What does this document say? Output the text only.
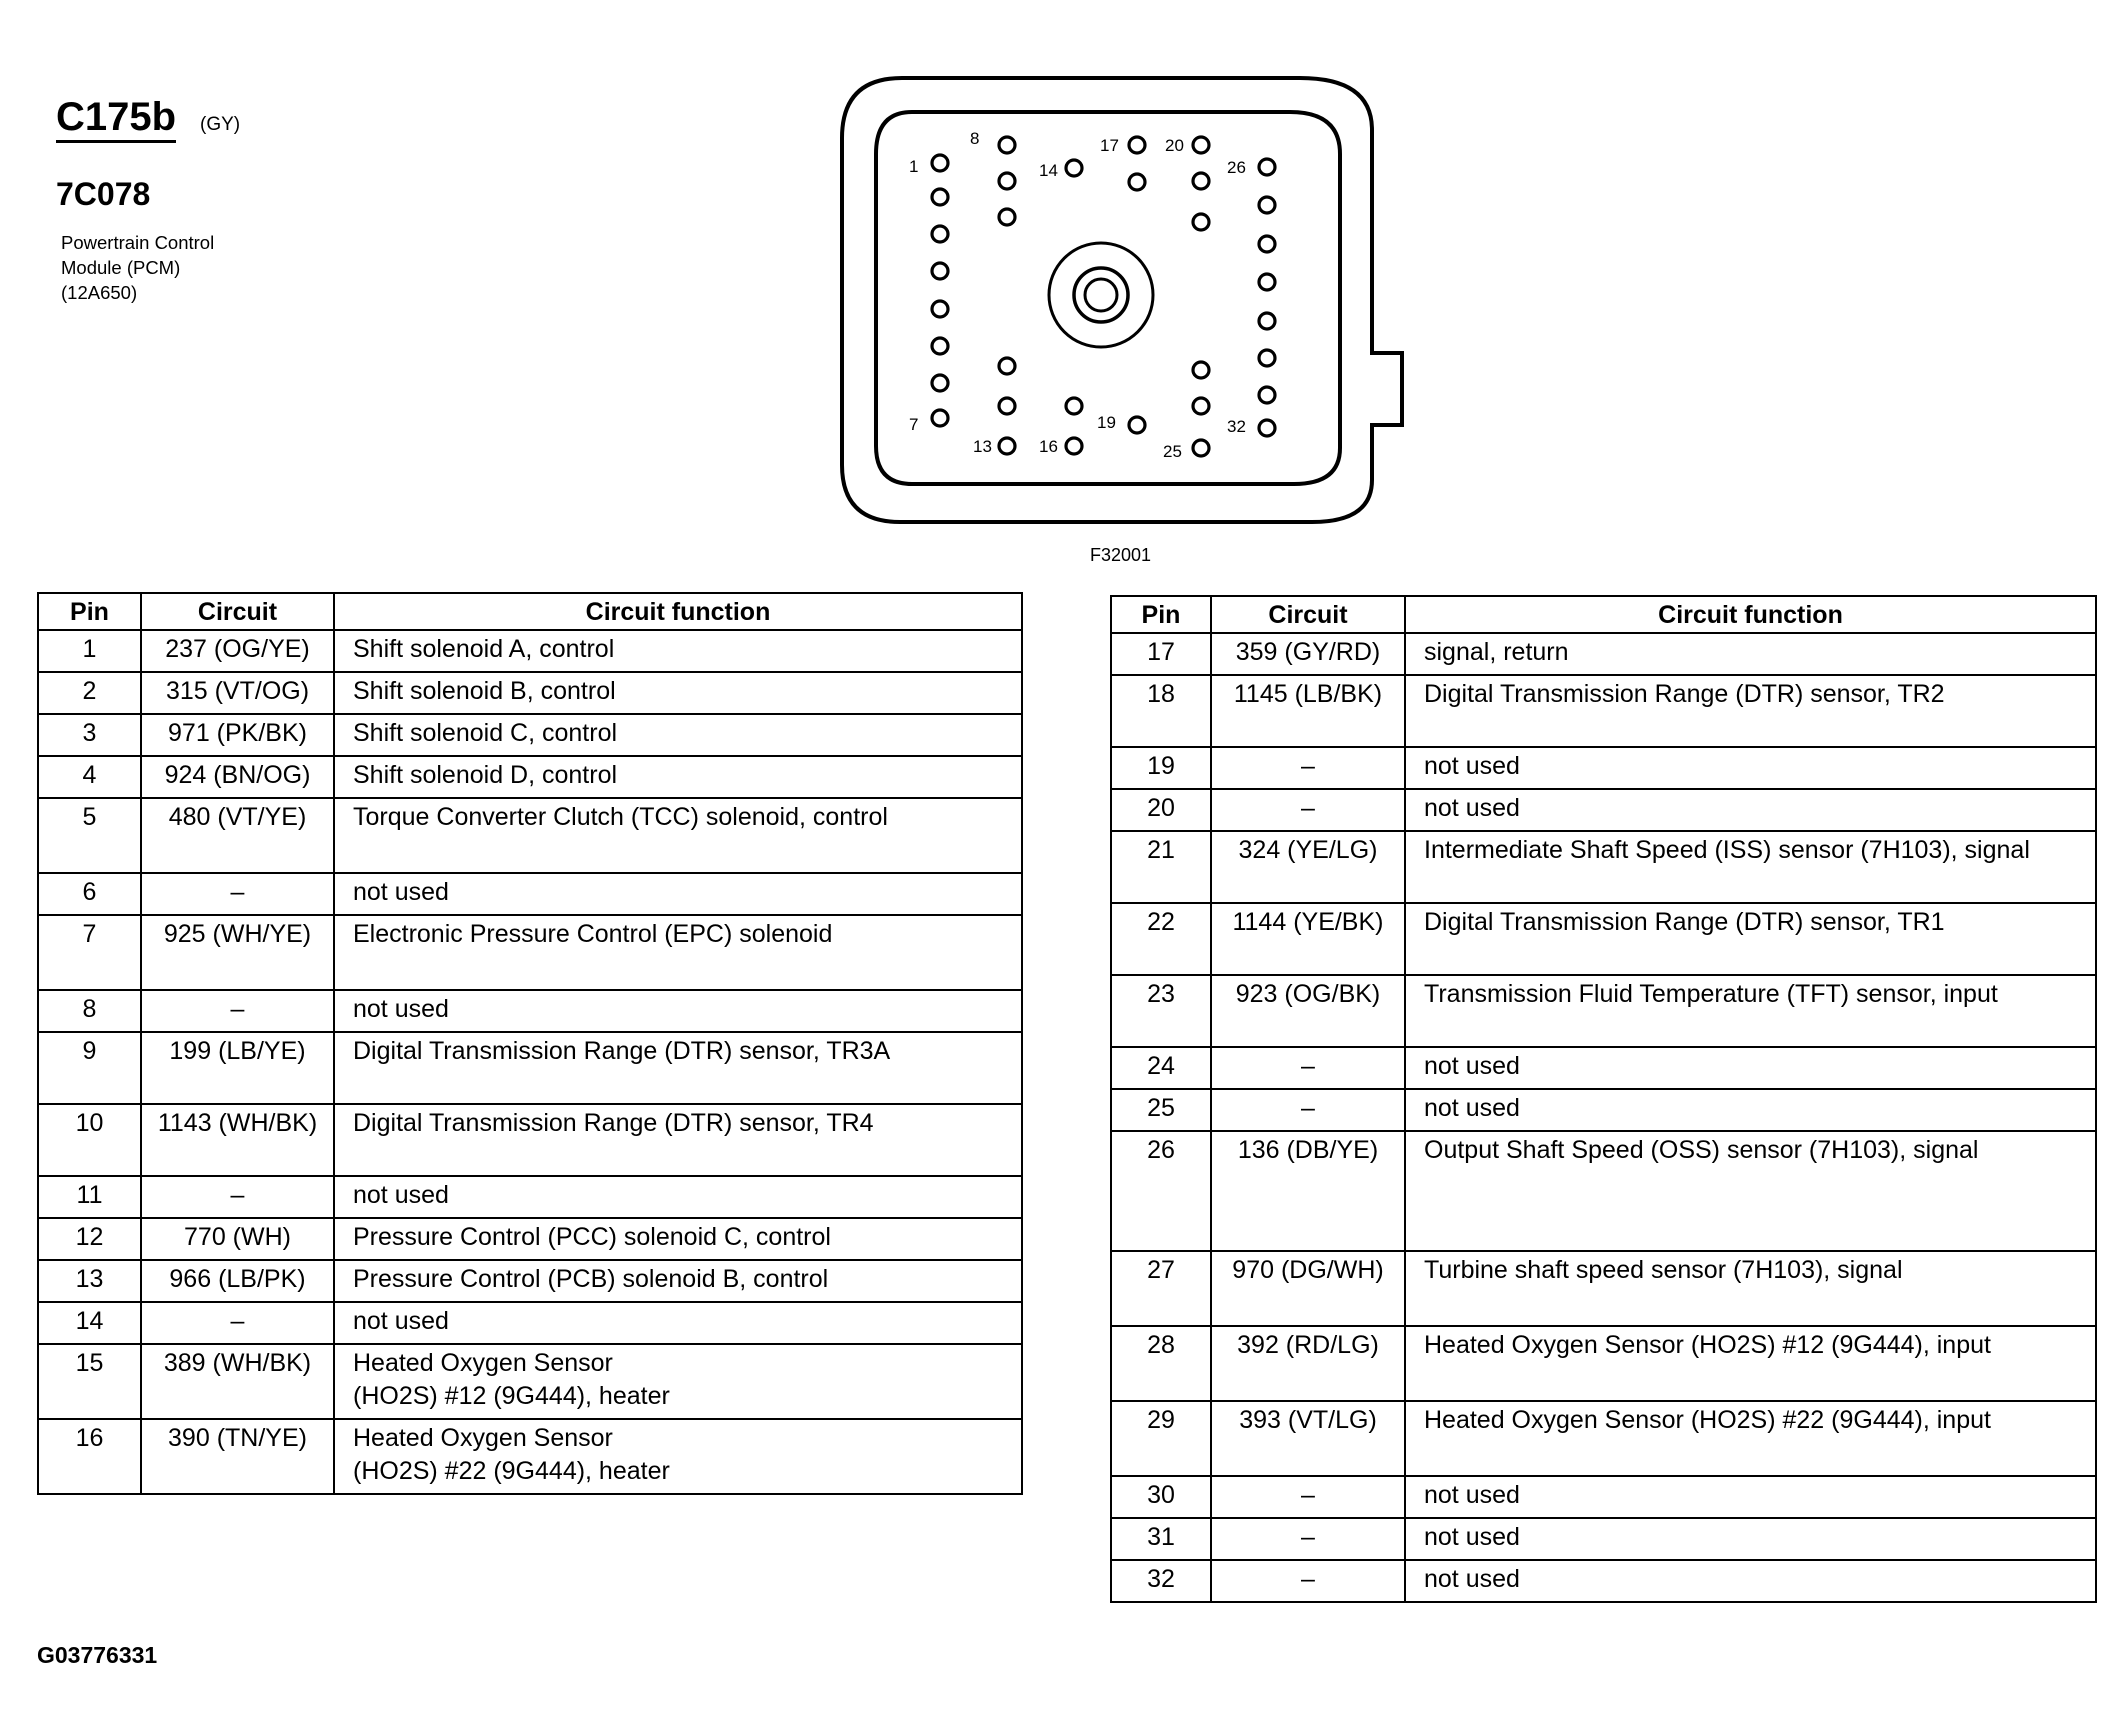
C175b (GY)
7C078
Powertrain Control
Module (PCM)
(12A650)
1
7
8
13
14
16
17
19
20
25
26
32
F32001
Pin	Circuit	Circuit function
1	237 (OG/YE)	Shift solenoid A, control

2	315 (VT/OG)	Shift solenoid B, control

3	971 (PK/BK)	Shift solenoid C, control

4	924 (BN/OG)	Shift solenoid D, control

5	480 (VT/YE)	Torque Converter Clutch (TCC) solenoid, control

6	–	not used

7	925 (WH/YE)	Electronic Pressure Control (EPC) solenoid

8	–	not used

9	199 (LB/YE)	Digital Transmission Range (DTR) sensor, TR3A

10	1143 (WH/BK)	Digital Transmission Range (DTR) sensor, TR4

11	–	not used

12	770 (WH)	Pressure Control (PCC) solenoid C, control

13	966 (LB/PK)	Pressure Control (PCB) solenoid B, control

14	–	not used

15	389 (WH/BK)	Heated Oxygen Sensor
(HO2S) #12 (9G444), heater

16	390 (TN/YE)	Heated Oxygen Sensor
(HO2S) #22 (9G444), heater
Pin	Circuit	Circuit function
17	359 (GY/RD)	signal, return

18	1145 (LB/BK)	Digital Transmission Range (DTR) sensor, TR2

19	–	not used

20	–	not used

21	324 (YE/LG)	Intermediate Shaft Speed (ISS) sensor (7H103), signal

22	1144 (YE/BK)	Digital Transmission Range (DTR) sensor, TR1

23	923 (OG/BK)	Transmission Fluid Temperature (TFT) sensor, input

24	–	not used

25	–	not used

26	136 (DB/YE)	Output Shaft Speed (OSS) sensor (7H103), signal

27	970 (DG/WH)	Turbine shaft speed sensor (7H103), signal

28	392 (RD/LG)	Heated Oxygen Sensor (HO2S) #12 (9G444), input

29	393 (VT/LG)	Heated Oxygen Sensor (HO2S) #22 (9G444), input

30	–	not used

31	–	not used

32	–	not used
G03776331
